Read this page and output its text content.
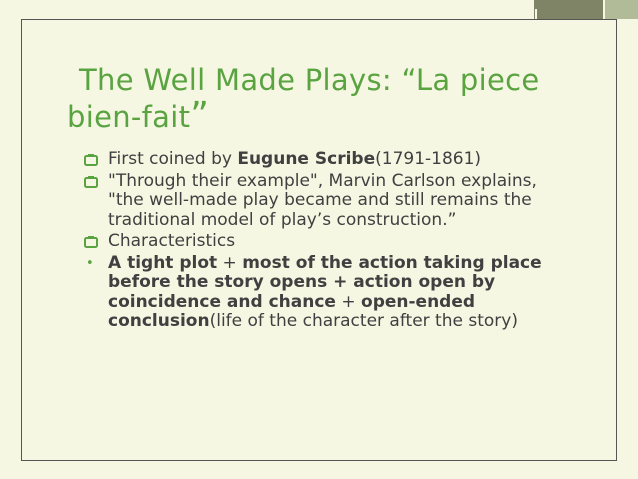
The Well Made Plays: “La piece
bien-fait”

First coined by Eugune Scribe(1791-1861)

"Through their example", Marvin Carlson explains, "the well-made play became and still remains the traditional model of play’s construction.”

Characteristics

• A tight plot + most of the action taking place before the story opens + action open by coincidence and chance + open-ended conclusion(life of the character after the story)
